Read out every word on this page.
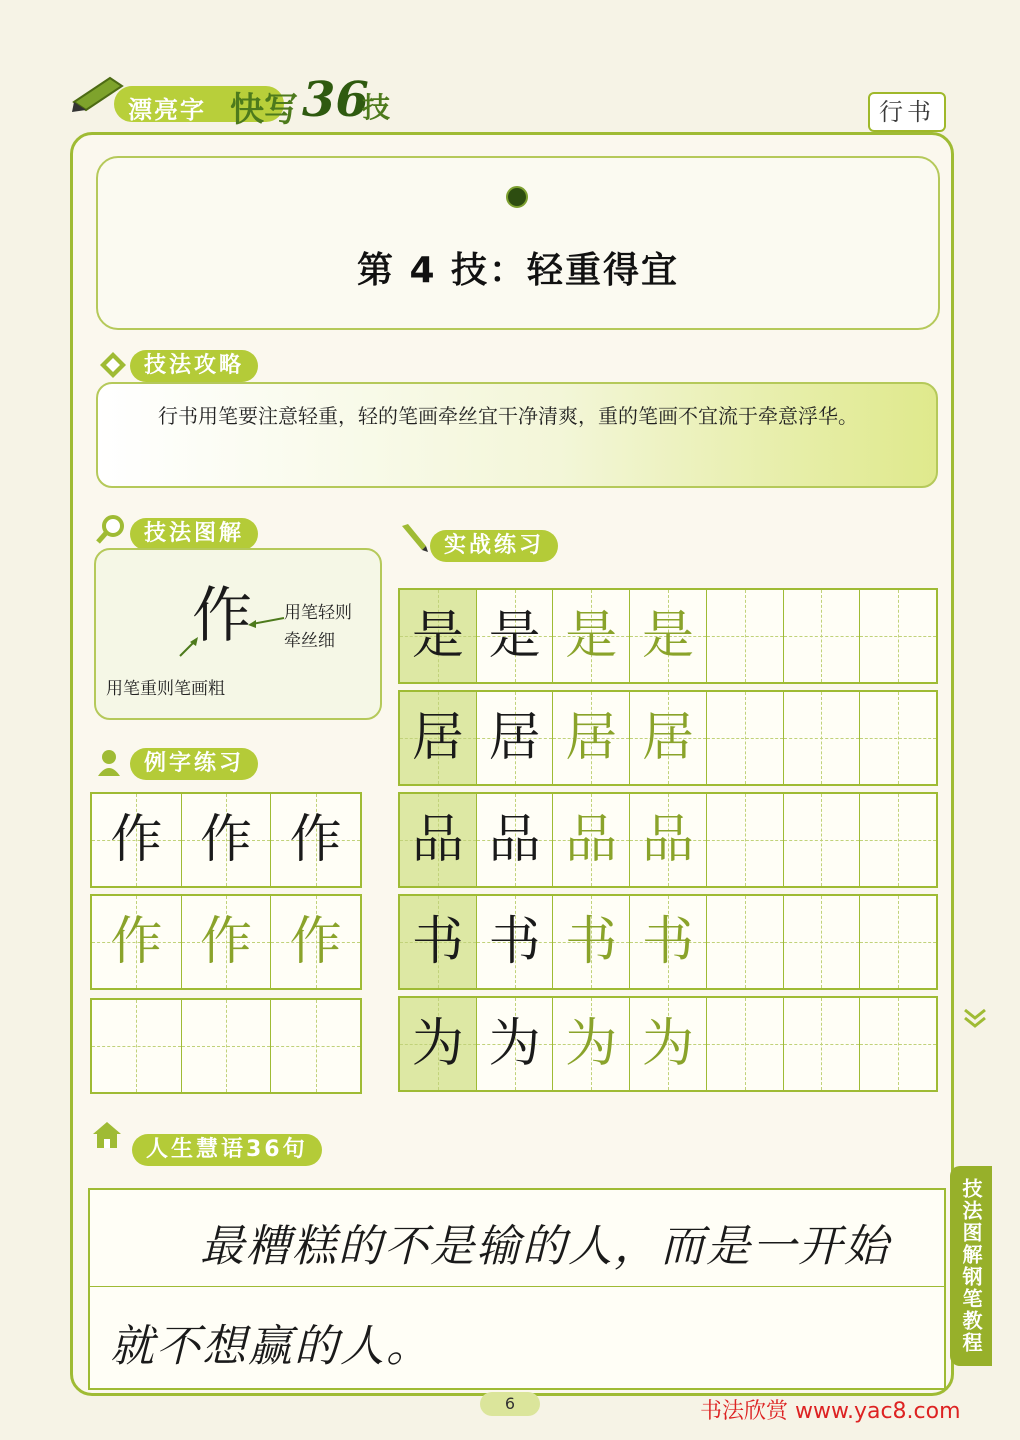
漂亮字 快写 36
技	行书
第 4 技：轻重得宜
技法攻略
行书用笔要注意轻重，轻的笔画牵丝宜干净清爽，重的笔画不宜流于牵意浮华。
技法图解
作 用笔轻则
牵丝细
用笔重则笔画粗
例字练习
作 作 作
作 作 作
实战练习
是 是 是 是
居 居 居 居
品 品 品 品
书 书 书 书
为 为 为 为
人生慧语36句
最糟糕的不是输的人，而是一开始
就不想赢的人。	技法图解钢笔教程
6	书法欣赏 www.yac8.com
